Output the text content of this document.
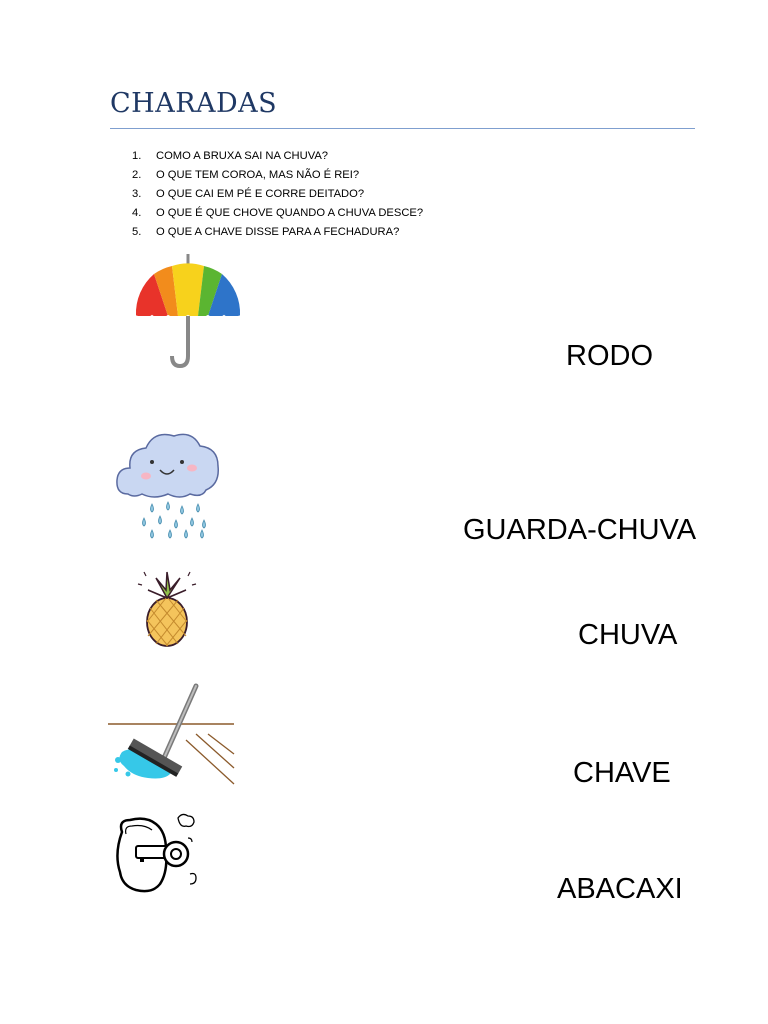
CHARADAS
1.	COMO A BRUXA SAI NA CHUVA?
2.	O QUE TEM COROA, MAS NÃO É REI?
3.	O QUE CAI EM PÉ E CORRE DEITADO?
4.	O QUE É QUE CHOVE QUANDO A CHUVA DESCE?
5.	O QUE A CHAVE DISSE PARA A FECHADURA?
RODO
GUARDA-CHUVA
CHUVA
CHAVE
ABACAXI
